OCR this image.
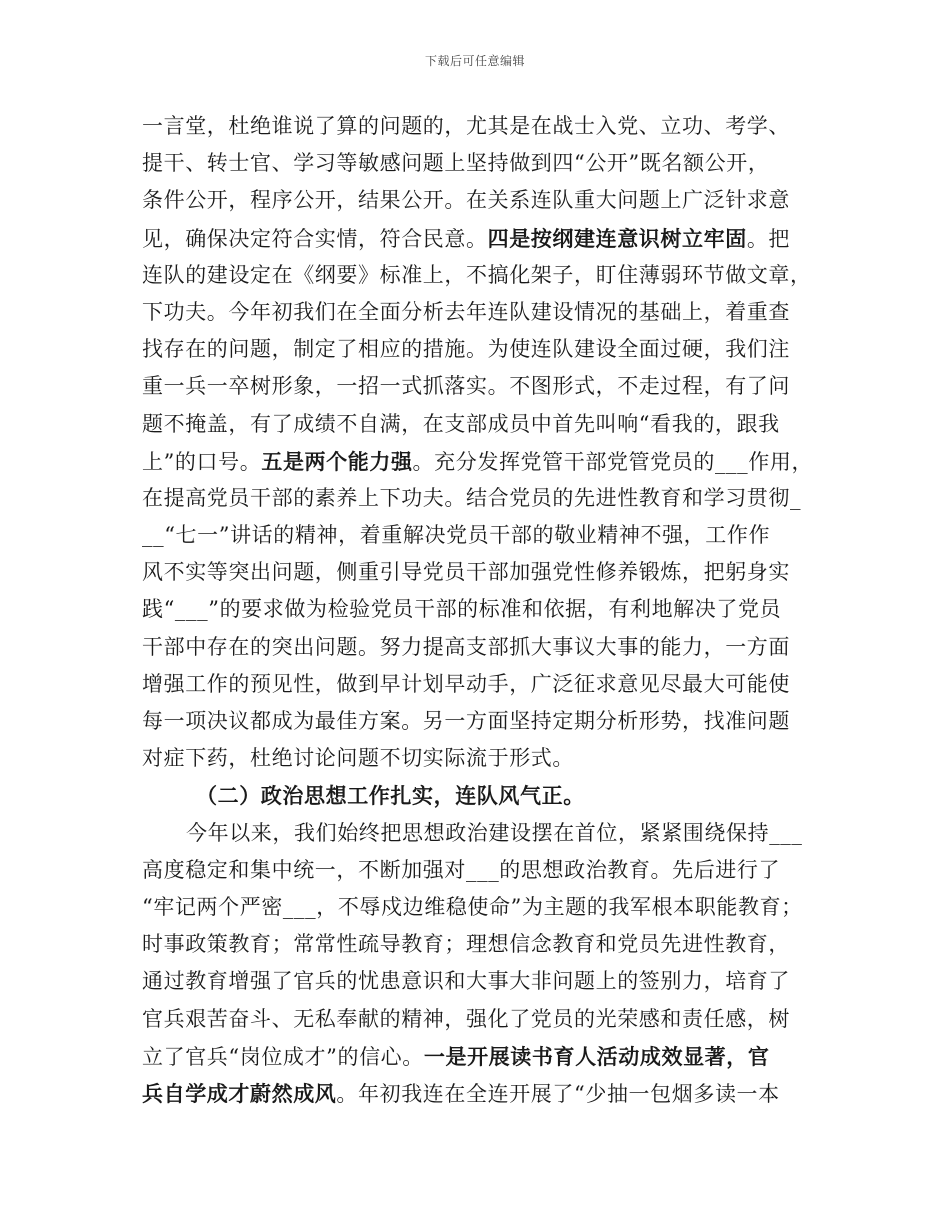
下载后可任意编辑
一言堂，杜绝谁说了算的问题的，尤其是在战士入党、立功、考学、
提干、转士官、学习等敏感问题上坚持做到四“公开”既名额公开，
条件公开，程序公开，结果公开。在关系连队重大问题上广泛针求意
见，确保决定符合实情，符合民意。四是按纲建连意识树立牢固。把
连队的建设定在《纲要》标准上，不搞化架子，盯住薄弱环节做文章，
下功夫。今年初我们在全面分析去年连队建设情况的基础上，着重查
找存在的问题，制定了相应的措施。为使连队建设全面过硬，我们注
重一兵一卒树形象，一招一式抓落实。不图形式，不走过程，有了问
题不掩盖，有了成绩不自满，在支部成员中首先叫响“看我的，跟我
上”的口号。五是两个能力强。充分发挥党管干部党管党员的___作用，
在提高党员干部的素养上下功夫。结合党员的先进性教育和学习贯彻_
__“七一”讲话的精神，着重解决党员干部的敬业精神不强，工作作
风不实等突出问题，侧重引导党员干部加强党性修养锻炼，把躬身实
践“___”的要求做为检验党员干部的标准和依据，有利地解决了党员
干部中存在的突出问题。努力提高支部抓大事议大事的能力，一方面
增强工作的预见性，做到早计划早动手，广泛征求意见尽最大可能使
每一项决议都成为最佳方案。另一方面坚持定期分析形势，找准问题
对症下药，杜绝讨论问题不切实际流于形式。
（二）政治思想工作扎实，连队风气正。
今年以来，我们始终把思想政治建设摆在首位，紧紧围绕保持___
高度稳定和集中统一，不断加强对___的思想政治教育。先后进行了
“牢记两个严密___，不辱戍边维稳使命”为主题的我军根本职能教育；
时事政策教育；常常性疏导教育；理想信念教育和党员先进性教育，
通过教育增强了官兵的忧患意识和大事大非问题上的签别力，培育了
官兵艰苦奋斗、无私奉献的精神，强化了党员的光荣感和责任感，树
立了官兵“岗位成才”的信心。一是开展读书育人活动成效显著，官
兵自学成才蔚然成风。年初我连在全连开展了“少抽一包烟多读一本
